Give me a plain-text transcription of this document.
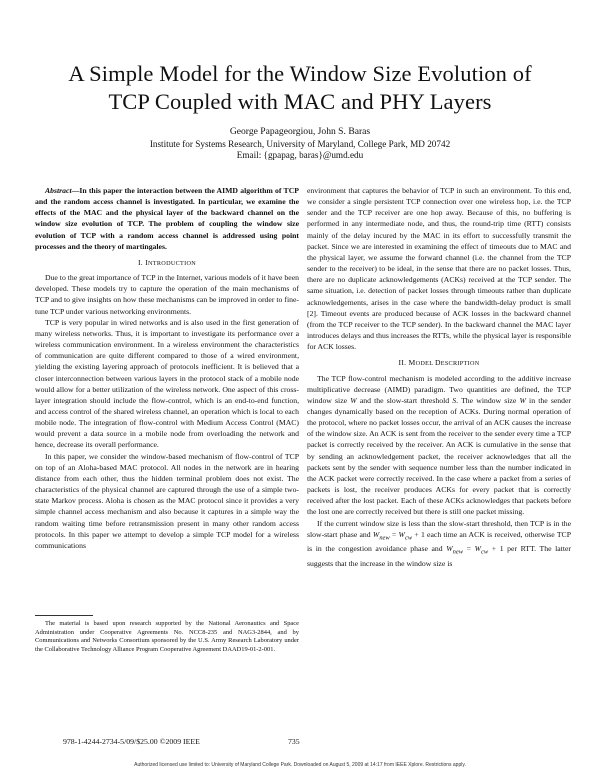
A Simple Model for the Window Size Evolution of
TCP Coupled with MAC and PHY Layers
George Papageorgiou, John S. Baras
Institute for Systems Research, University of Maryland, College Park, MD 20742
Email: {gpapag, baras}@umd.edu

Abstract—In this paper the interaction between the AIMD algorithm of TCP and the random access channel is investigated. In particular, we examine the effects of the MAC and the physical layer of the backward channel on the window size evolution of TCP. The problem of coupling the window size evolution of TCP with a random access channel is addressed using point processes and the theory of martingales.

I. INTRODUCTION

Due to the great importance of TCP in the Internet, various models of it have been developed. These models try to capture the operation of the main mechanisms of TCP and to give insights on how these mechanisms can be improved in order to fine-tune TCP under various networking environments.

TCP is very popular in wired networks and is also used in the first generation of many wireless networks. Thus, it is important to investigate its performance over a wireless communication environment. In a wireless environment the characteristics of communication are quite different compared to those of a wired environment, yielding the existing layering approach of protocols inefficient. It is believed that a closer interconnection between various layers in the protocol stack of a mobile node would allow for a better utilization of the wireless network. One aspect of this cross-layer integration should include the flow-control, which is an end-to-end function, and access control of the shared wireless channel, an operation which is local to each mobile node. The integration of flow-control with Medium Access Control (MAC) would prevent a data source in a mobile node from overloading the network and hence, decrease its overall performance.

In this paper, we consider the window-based mechanism of flow-control of TCP on top of an Aloha-based MAC protocol. All nodes in the network are in hearing distance from each other, thus the hidden terminal problem does not exist. The characteristics of the physical channel are captured through the use of a simple two-state Markov process. Aloha is chosen as the MAC protocol since it provides a very simple channel access mechanism and also because it captures in a simple way the random waiting time before retransmission present in many other random access protocols. In this paper we attempt to develop a simple TCP model for a wireless communications

environment that captures the behavior of TCP in such an environment. To this end, we consider a single persistent TCP connection over one wireless hop, i.e. the TCP sender and the TCP receiver are one hop away. Because of this, no buffering is performed in any intermediate node, and thus, the round-trip time (RTT) consists mainly of the delay incured by the MAC in its effort to successfully transmit the packet. Since we are interested in examining the effect of timeouts due to MAC and the physical layer, we assume the forward channel (i.e. the channel from the TCP sender to the receiver) to be ideal, in the sense that there are no packet losses. Thus, there are no duplicate acknowledgements (ACKs) received at the TCP sender. The same situation, i.e. detection of packet losses through timeouts rather than duplicate acknowledgements, arises in the case where the bandwidth-delay product is small [2]. Timeout events are produced because of ACK losses in the backward channel (from the TCP receiver to the TCP sender). In the backward channel the MAC layer introduces delays and thus increases the RTTs, while the physical layer is responsible for ACK losses.

II. MODEL DESCRIPTION

The TCP flow-control mechanism is modeled according to the additive increase multiplicative decrease (AIMD) paradigm. Two quantities are defined, the TCP window size W and the slow-start threshold S. The window size W in the sender changes dynamically based on the reception of ACKs. During normal operation of the protocol, where no packet losses occur, the arrival of an ACK causes the increase of the window size. An ACK is sent from the receiver to the sender every time a TCP packet is correctly received by the receiver. An ACK is cumulative in the sense that by sending an acknowledgement packet, the receiver acknowledges that all the packets sent by the sender with sequence number less than the number indicated in the ACK packet were correctly received. In the case where a packet from a series of packets is lost, the receiver produces ACKs for every packet that is correctly received after the lost packet. Each of these ACKs acknowledges that packets before the lost one are correctly received but there is still one packet missing.

If the current window size is less than the slow-start threshold, then TCP is in the slow-start phase and $W_{new} = W_{cw} + 1$ each time an ACK is received, otherwise TCP is in the congestion avoidance phase and $W_{new} = W_{cw} + 1$ per RTT. The latter suggests that the increase in the window size is

The material is based upon research supported by the National Aeronautics and Space Administration under Cooperative Agreements No. NCC8-235 and NAG3-2844, and by Communications and Networks Consortium sponsored by the U.S. Army Research Laboratory under the Collaborative Technology Alliance Program Cooperative Agreement DAAD19-01-2-001.
978-1-4244-2734-5/09/$25.00 ©2009 IEEE	735
Authorized licensed use limited to: University of Maryland College Park. Downloaded on August 5, 2009 at 14:17 from IEEE Xplore. Restrictions apply.
